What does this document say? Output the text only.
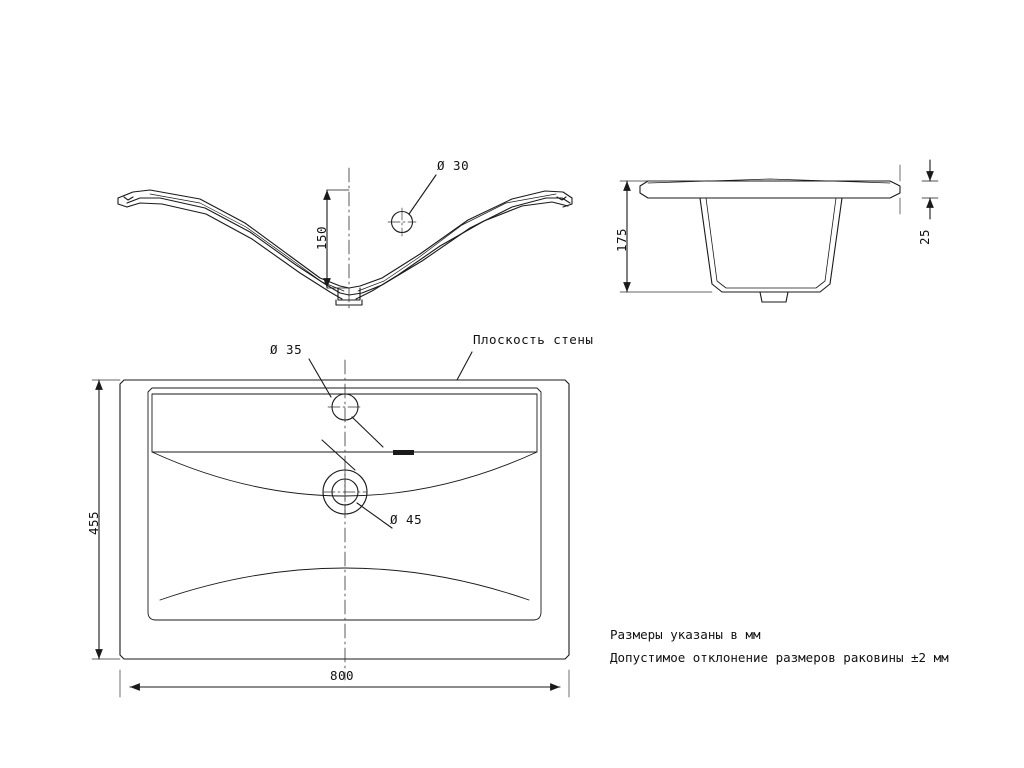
Ø 30
150	175	25
Ø 35
Ø 45
Плоскость стены
455
800
Размеры указаны в мм
Допустимое отклонение размеров раковины ±2 мм
